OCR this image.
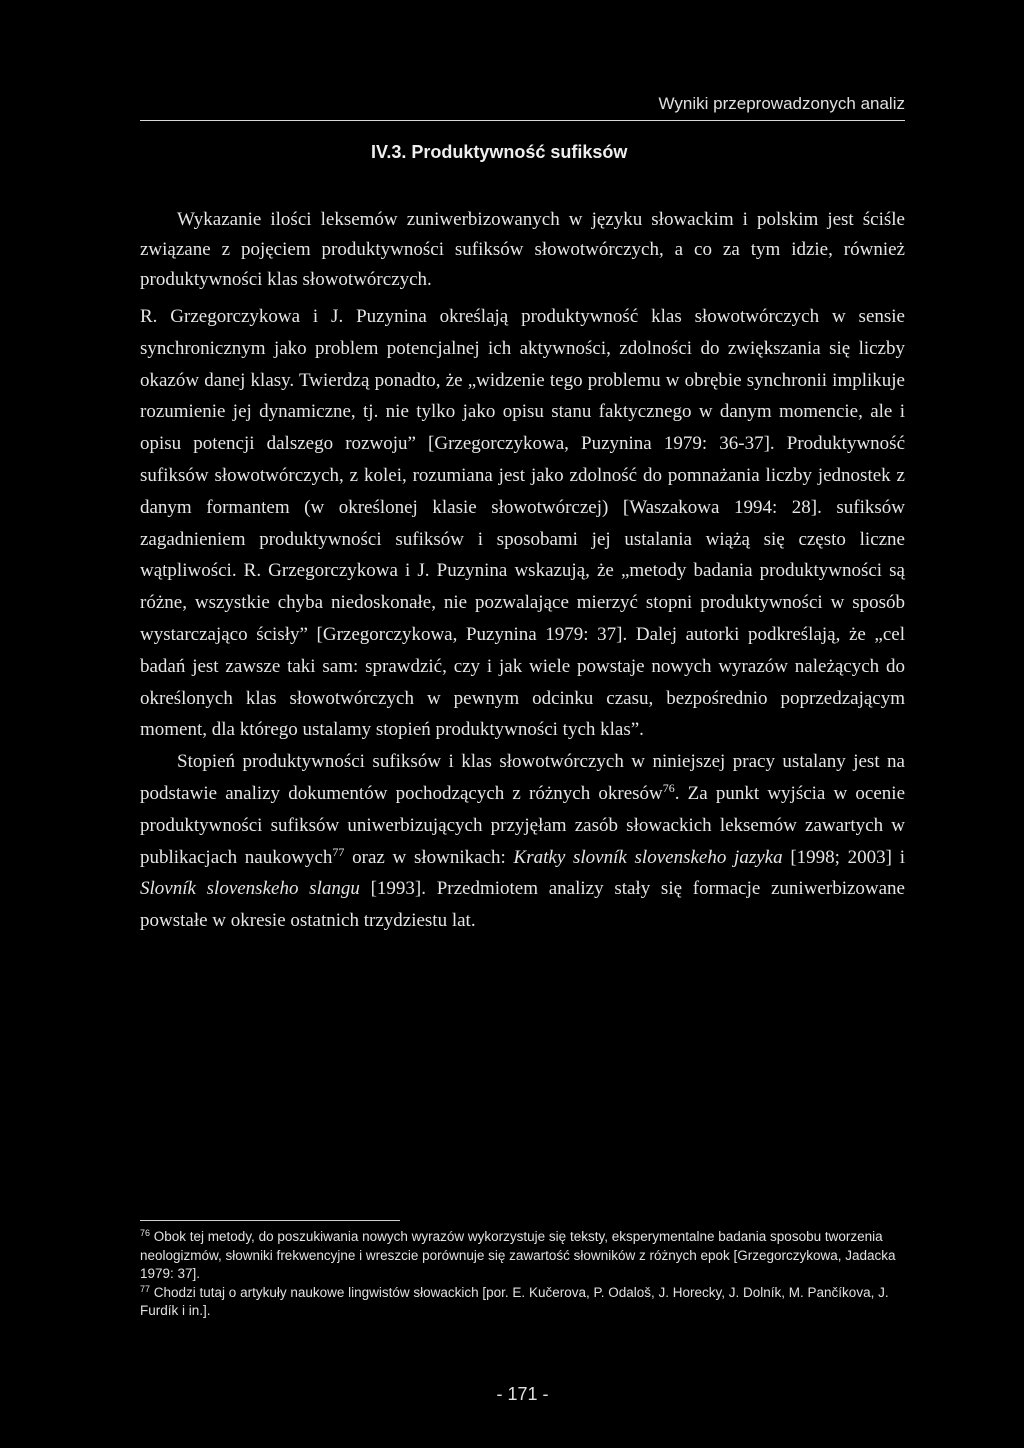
Wyniki przeprowadzonych analiz
IV.3. Produktywność sufiksów

Wykazanie ilości leksemów zuniwerbizowanych w języku słowackim i polskim jest ściśle związane z pojęciem produktywności sufiksów słowotwórczych, a co za tym idzie, również produktywności klas słowotwórczych.

R. Grzegorczykowa i J. Puzynina określają produktywność klas słowotwórczych w sensie synchronicznym jako problem potencjalnej ich aktywności, zdolności do zwiększania się liczby okazów danej klasy. Twierdzą ponadto, że „widzenie tego problemu w obrębie synchronii implikuje rozumienie jej dynamiczne, tj. nie tylko jako opisu stanu faktycznego w danym momencie, ale i opisu potencji dalszego rozwoju” [Grzegorczykowa, Puzynina 1979: 36-37]. Produktywność sufiksów słowotwórczych, z kolei, rozumiana jest jako zdolność do pomnażania liczby jednostek z danym formantem (w określonej klasie słowotwórczej) [Waszakowa 1994: 28]. sufiksów zagadnieniem produktywności sufiksów i sposobami jej ustalania wiążą się często liczne wątpliwości. R. Grzegorczykowa i J. Puzynina wskazują, że „metody badania produktywności są różne, wszystkie chyba niedoskonałe, nie pozwalające mierzyć stopni produktywności w sposób wystarczająco ścisły” [Grzegorczykowa, Puzynina 1979: 37]. Dalej autorki podkreślają, że „cel badań jest zawsze taki sam: sprawdzić, czy i jak wiele powstaje nowych wyrazów należących do określonych klas słowotwórczych w pewnym odcinku czasu, bezpośrednio poprzedzającym moment, dla którego ustalamy stopień produktywności tych klas”.

Stopień produktywności sufiksów i klas słowotwórczych w niniejszej pracy ustalany jest na podstawie analizy dokumentów pochodzących z różnych okresów$^{76}$. Za punkt wyjścia w ocenie produktywności sufiksów uniwerbizujących przyjęłam zasób słowackich leksemów zawartych w publikacjach naukowych$^{77}$ oraz w słownikach: Kratky slovník slovenskeho jazyka [1998; 2003] i Slovník slovenskeho slangu [1993]. Przedmiotem analizy stały się formacje zuniwerbizowane powstałe w okresie ostatnich trzydziestu lat.

$^{76}$ Obok tej metody, do poszukiwania nowych wyrazów wykorzystuje się teksty, eksperymentalne badania sposobu tworzenia neologizmów, słowniki frekwencyjne i wreszcie porównuje się zawartość słowników z różnych epok [Grzegorczykowa, Jadacka 1979: 37].

$^{77}$ Chodzi tutaj o artykuły naukowe lingwistów słowackich [por. E. Kučerova, P. Odaloš, J. Horecky, J. Dolník, M. Pančíkova, J. Furdík i in.].

- 171 -
